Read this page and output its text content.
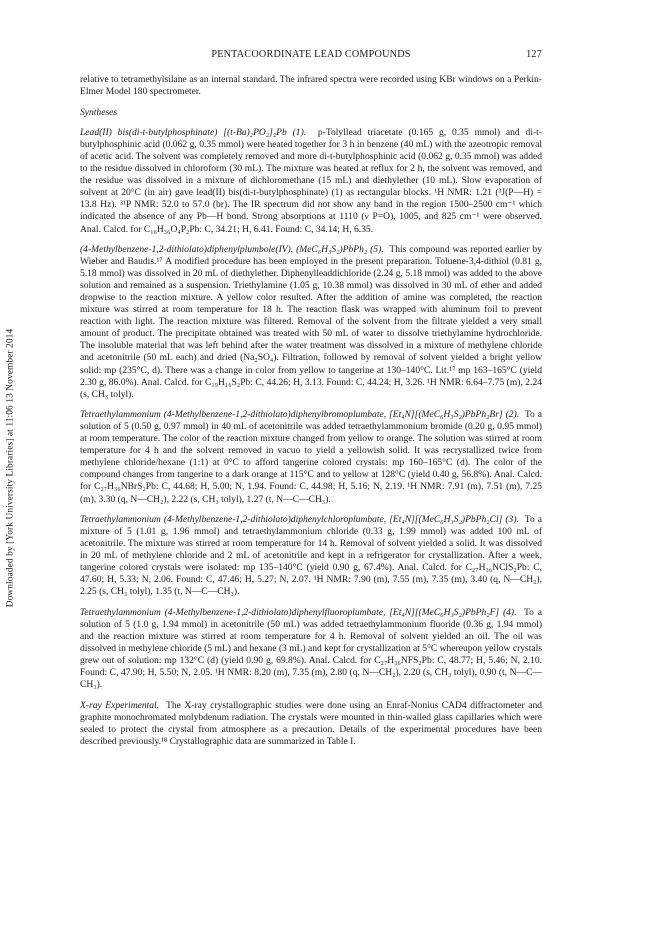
Downloaded by [York University Libraries] at 11:06 13 November 2014
PENTACOORDINATE LEAD COMPOUNDS	127

relative to tetramethylsilane as an internal standard. The infrared spectra were recorded using KBr windows on a Perkin-Elmer Model 180 spectrometer.

Syntheses

Lead(II) bis(di-t-butylphosphinate) [(t-Bu)₂PO₂]₂Pb (1). p-Tolyllead triacetate (0.165 g, 0.35 mmol) and di-t-butylphosphinic acid (0.062 g, 0.35 mmol) were heated together for 3 h in benzene (40 mL) with the azeotropic removal of acetic acid. The solvent was completely removed and more di-t-butylphosphinic acid (0.062 g, 0.35 mmol) was added to the residue dissolved in chloroform (30 mL). The mixture was heated at reflux for 2 h, the solvent was removed, and the residue was dissolved in a mixture of dichloromethane (15 mL) and diethylether (10 mL). Slow evaporation of solvent at 20°C (in air) gave lead(II) bis(di-t-butylphosphinate) (1) as rectangular blocks. ¹H NMR: 1.21 (³J(P—H) = 13.8 Hz). ³¹P NMR: 52.0 to 57.0 (br). The IR spectrum did not show any band in the region 1500–2500 cm⁻¹ which indicated the absence of any Pb—H bond. Strong absorptions at 1110 (ν P=O), 1005, and 825 cm⁻¹ were observed. Anal. Calcd. for C₁₆H₃₆O₄P₂Pb: C, 34.21; H, 6.41. Found: C, 34.14; H, 6.35.

(4-Methylbenzene-1,2-dithiolato)diphenylplumbole(IV), (MeC₆H₃S₂)PbPh₂ (5). This compound was reported earlier by Wieber and Baudis.¹⁷ A modified procedure has been employed in the present preparation. Toluene-3,4-dithiol (0.81 g, 5.18 mmol) was dissolved in 20 mL of diethylether. Diphenylleaddichloride (2.24 g, 5.18 mmol) was added to the above solution and remained as a suspension. Triethylamine (1.05 g, 10.38 mmol) was dissolved in 30 mL of ether and added dropwise to the reaction mixture. A yellow color resulted. After the addition of amine was completed, the reaction mixture was stirred at room temperature for 18 h. The reaction flask was wrapped with aluminum foil to prevent reaction with light. The reaction mixture was filtered. Removal of the solvent from the filtrate yielded a very small amount of product. The precipitate obtained was treated with 50 mL of water to dissolve triethylamine hydrochloride. The insoluble material that was left behind after the water treatment was dissolved in a mixture of methylene chloride and acetonitrile (50 mL each) and dried (Na₂SO₄). Filtration, followed by removal of solvent yielded a bright yellow solid: mp (235°C, d). There was a change in color from yellow to tangerine at 130–140°C. Lit.¹⁷ mp 163–165°C (yield 2.30 g, 86.0%). Anal. Calcd. for C₁₉H₁₆S₂Pb: C, 44.26; H, 3.13. Found: C, 44.24; H, 3.26. ¹H NMR: 6.64–7.75 (m), 2.24 (s, CH₃ tolyl).

Tetraethylammonium (4-Methylbenzene-1,2-dithiolato)diphenylbromoplumbate, [Et₄N][(MeC₆H₃S₂)PbPh₂Br] (2). To a solution of 5 (0.50 g, 0.97 mmol) in 40 mL of acetonitrile was added tetraethylammonium bromide (0.20 g, 0.95 mmol) at room temperature. The color of the reaction mixture changed from yellow to orange. The solution was stirred at room temperature for 4 h and the solvent removed in vacuo to yield a yellowish solid. It was recrystallized twice from methylene chloride/hexane (1:1) at 0°C to afford tangerine colored crystals: mp 160–165°C (d). The color of the compound changes from tangerine to a dark orange at 115°C and to yellow at 128°C (yield 0.40 g, 56.8%). Anal. Calcd. for C₂₇H₃₆NBrS₂Pb: C, 44.68; H, 5.00; N, 1.94. Found: C, 44.98; H, 5.16; N, 2.19. ¹H NMR: 7.91 (m), 7.51 (m), 7.25 (m), 3.30 (q, N—CH₂), 2.22 (s, CH₃ tolyl), 1.27 (t, N—C—CH₃).

Tetraethylammonium (4-Methylbenzene-1,2-dithiolato)diphenylchloroplumbate, [Et₄N][(MeC₆H₃S₂)PbPh₂Cl] (3). To a mixture of 5 (1.01 g, 1.96 mmol) and tetraethylammonium chloride (0.33 g, 1.99 mmol) was added 100 mL of acetonitrile. The mixture was stirred at room temperature for 14 h. Removal of solvent yielded a solid. It was dissolved in 20 mL of methylene chloride and 2 mL of acetonitrile and kept in a refrigerator for crystallization. After a week, tangerine colored crystals were isolated: mp 135–140°C (yield 0.90 g, 67.4%). Anal. Calcd. for C₂₇H₃₆NClS₂Pb: C, 47.60; H, 5.33; N, 2.06. Found: C, 47.46; H, 5.27; N, 2.07. ¹H NMR: 7.90 (m), 7.55 (m), 7.35 (m), 3.40 (q, N—CH₂), 2.25 (s, CH₃ tolyl), 1.35 (t, N—C—CH₃).

Tetraethylammonium (4-Methylbenzene-1,2-dithiolato)diphenylfluoroplumbate, [Et₄N][(MeC₆H₃S₂)PbPh₂F] (4). To a solution of 5 (1.0 g, 1.94 mmol) in acetonitrile (50 mL) was added tetraethylammonium fluoride (0.36 g, 1.94 mmol) and the reaction mixture was stirred at room temperature for 4 h. Removal of solvent yielded an oil. The oil was dissolved in methylene chloride (5 mL) and hexane (3 mL) and kept for crystallization at 5°C whereupon yellow crystals grew out of solution: mp 132°C (d) (yield 0.90 g, 69.8%). Anal. Calcd. for C₂₇H₃₆NFS₂Pb: C, 48.77; H, 5.46; N, 2.10. Found: C, 47.90; H, 5.50; N, 2.05. ¹H NMR: 8.20 (m), 7.35 (m), 2.80 (q, N—CH₂), 2.20 (s, CH₃ tolyl), 0.90 (t, N—C—CH₃).

X-ray Experimental. The X-ray crystallographic studies were done using an Enraf-Nonius CAD4 diffractometer and graphite monochromated molybdenum radiation. The crystals were mounted in thin-walled glass capillaries which were sealed to protect the crystal from atmosphere as a precaution. Details of the experimental procedures have been described previously.¹⁸ Crystallographic data are summarized in Table I.
